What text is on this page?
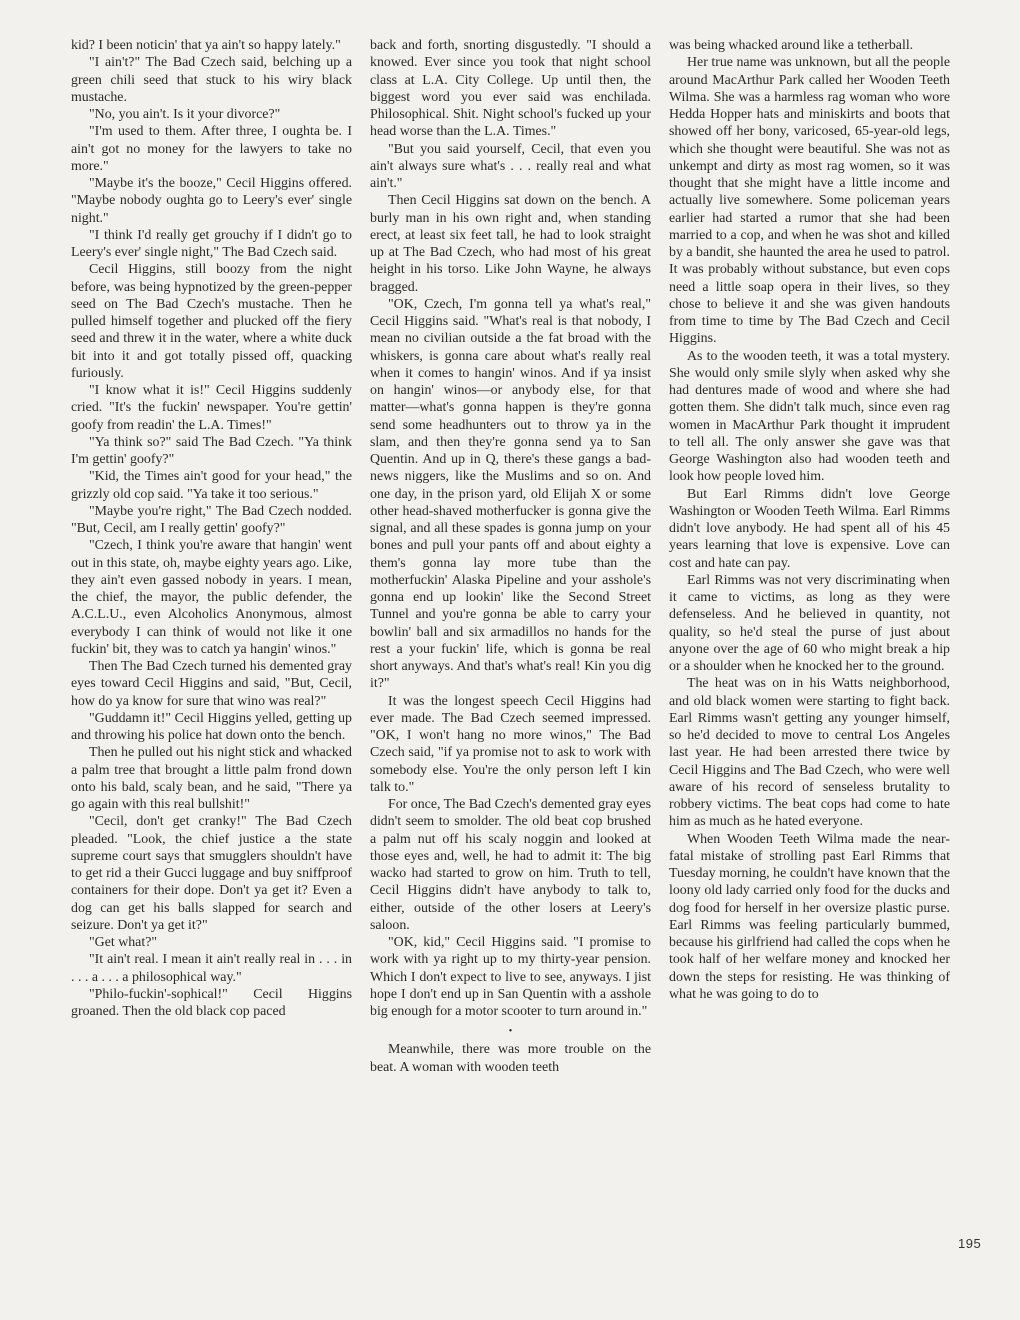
kid? I been noticin' that ya ain't so happy lately."

"I ain't?" The Bad Czech said, belching up a green chili seed that stuck to his wiry black mustache.

"No, you ain't. Is it your divorce?"

"I'm used to them. After three, I oughta be. I ain't got no money for the lawyers to take no more."

"Maybe it's the booze," Cecil Higgins offered. "Maybe nobody oughta go to Leery's ever' single night."

"I think I'd really get grouchy if I didn't go to Leery's ever' single night," The Bad Czech said.

Cecil Higgins, still boozy from the night before, was being hypnotized by the green-pepper seed on The Bad Czech's mustache. Then he pulled himself together and plucked off the fiery seed and threw it in the water, where a white duck bit into it and got totally pissed off, quacking furiously.

"I know what it is!" Cecil Higgins suddenly cried. "It's the fuckin' newspaper. You're gettin' goofy from readin' the L.A. Times!"

"Ya think so?" said The Bad Czech. "Ya think I'm gettin' goofy?"

"Kid, the Times ain't good for your head," the grizzly old cop said. "Ya take it too serious."

"Maybe you're right," The Bad Czech nodded. "But, Cecil, am I really gettin' goofy?"

"Czech, I think you're aware that hangin' went out in this state, oh, maybe eighty years ago. Like, they ain't even gassed nobody in years. I mean, the chief, the mayor, the public defender, the A.C.L.U., even Alcoholics Anonymous, almost everybody I can think of would not like it one fuckin' bit, they was to catch ya hangin' winos."

Then The Bad Czech turned his demented gray eyes toward Cecil Higgins and said, "But, Cecil, how do ya know for sure that wino was real?"

"Guddamn it!" Cecil Higgins yelled, getting up and throwing his police hat down onto the bench.

Then he pulled out his night stick and whacked a palm tree that brought a little palm frond down onto his bald, scaly bean, and he said, "There ya go again with this real bullshit!"

"Cecil, don't get cranky!" The Bad Czech pleaded. "Look, the chief justice a the state supreme court says that smugglers shouldn't have to get rid a their Gucci luggage and buy sniffproof containers for their dope. Don't ya get it? Even a dog can get his balls slapped for search and seizure. Don't ya get it?"

"Get what?"

"It ain't real. I mean it ain't really real in . . . in . . . a . . . a philosophical way."

"Philo-fuckin'-sophical!" Cecil Higgins groaned. Then the old black cop paced

back and forth, snorting disgustedly. "I should a knowed. Ever since you took that night school class at L.A. City College. Up until then, the biggest word you ever said was enchilada. Philosophical. Shit. Night school's fucked up your head worse than the L.A. Times."

"But you said yourself, Cecil, that even you ain't always sure what's . . . really real and what ain't."

Then Cecil Higgins sat down on the bench. A burly man in his own right and, when standing erect, at least six feet tall, he had to look straight up at The Bad Czech, who had most of his great height in his torso. Like John Wayne, he always bragged.

"OK, Czech, I'm gonna tell ya what's real," Cecil Higgins said. "What's real is that nobody, I mean no civilian outside a the fat broad with the whiskers, is gonna care about what's really real when it comes to hangin' winos. And if ya insist on hangin' winos—or anybody else, for that matter—what's gonna happen is they're gonna send some headhunters out to throw ya in the slam, and then they're gonna send ya to San Quentin. And up in Q, there's these gangs a bad-news niggers, like the Muslims and so on. And one day, in the prison yard, old Elijah X or some other head-shaved motherfucker is gonna give the signal, and all these spades is gonna jump on your bones and pull your pants off and about eighty a them's gonna lay more tube than the motherfuckin' Alaska Pipeline and your asshole's gonna end up lookin' like the Second Street Tunnel and you're gonna be able to carry your bowlin' ball and six armadillos no hands for the rest a your fuckin' life, which is gonna be real short anyways. And that's what's real! Kin you dig it?"

It was the longest speech Cecil Higgins had ever made. The Bad Czech seemed impressed. "OK, I won't hang no more winos," The Bad Czech said, "if ya promise not to ask to work with somebody else. You're the only person left I kin talk to."

For once, The Bad Czech's demented gray eyes didn't seem to smolder. The old beat cop brushed a palm nut off his scaly noggin and looked at those eyes and, well, he had to admit it: The big wacko had started to grow on him. Truth to tell, Cecil Higgins didn't have anybody to talk to, either, outside of the other losers at Leery's saloon.

"OK, kid," Cecil Higgins said. "I promise to work with ya right up to my thirty-year pension. Which I don't expect to live to see, anyways. I jist hope I don't end up in San Quentin with a asshole big enough for a motor scooter to turn around in."

•

Meanwhile, there was more trouble on the beat. A woman with wooden teeth

was being whacked around like a tetherball.

Her true name was unknown, but all the people around MacArthur Park called her Wooden Teeth Wilma. She was a harmless rag woman who wore Hedda Hopper hats and miniskirts and boots that showed off her bony, varicosed, 65-year-old legs, which she thought were beautiful. She was not as unkempt and dirty as most rag women, so it was thought that she might have a little income and actually live somewhere. Some policeman years earlier had started a rumor that she had been married to a cop, and when he was shot and killed by a bandit, she haunted the area he used to patrol. It was probably without substance, but even cops need a little soap opera in their lives, so they chose to believe it and she was given handouts from time to time by The Bad Czech and Cecil Higgins.

As to the wooden teeth, it was a total mystery. She would only smile slyly when asked why she had dentures made of wood and where she had gotten them. She didn't talk much, since even rag women in MacArthur Park thought it imprudent to tell all. The only answer she gave was that George Washington also had wooden teeth and look how people loved him.

But Earl Rimms didn't love George Washington or Wooden Teeth Wilma. Earl Rimms didn't love anybody. He had spent all of his 45 years learning that love is expensive. Love can cost and hate can pay.

Earl Rimms was not very discriminating when it came to victims, as long as they were defenseless. And he believed in quantity, not quality, so he'd steal the purse of just about anyone over the age of 60 who might break a hip or a shoulder when he knocked her to the ground.

The heat was on in his Watts neighborhood, and old black women were starting to fight back. Earl Rimms wasn't getting any younger himself, so he'd decided to move to central Los Angeles last year. He had been arrested there twice by Cecil Higgins and The Bad Czech, who were well aware of his record of senseless brutality to robbery victims. The beat cops had come to hate him as much as he hated everyone.

When Wooden Teeth Wilma made the near-fatal mistake of strolling past Earl Rimms that Tuesday morning, he couldn't have known that the loony old lady carried only food for the ducks and dog food for herself in her oversize plastic purse. Earl Rimms was feeling particularly bummed, because his girlfriend had called the cops when he took half of her welfare money and knocked her down the steps for resisting. He was thinking of what he was going to do to

195
